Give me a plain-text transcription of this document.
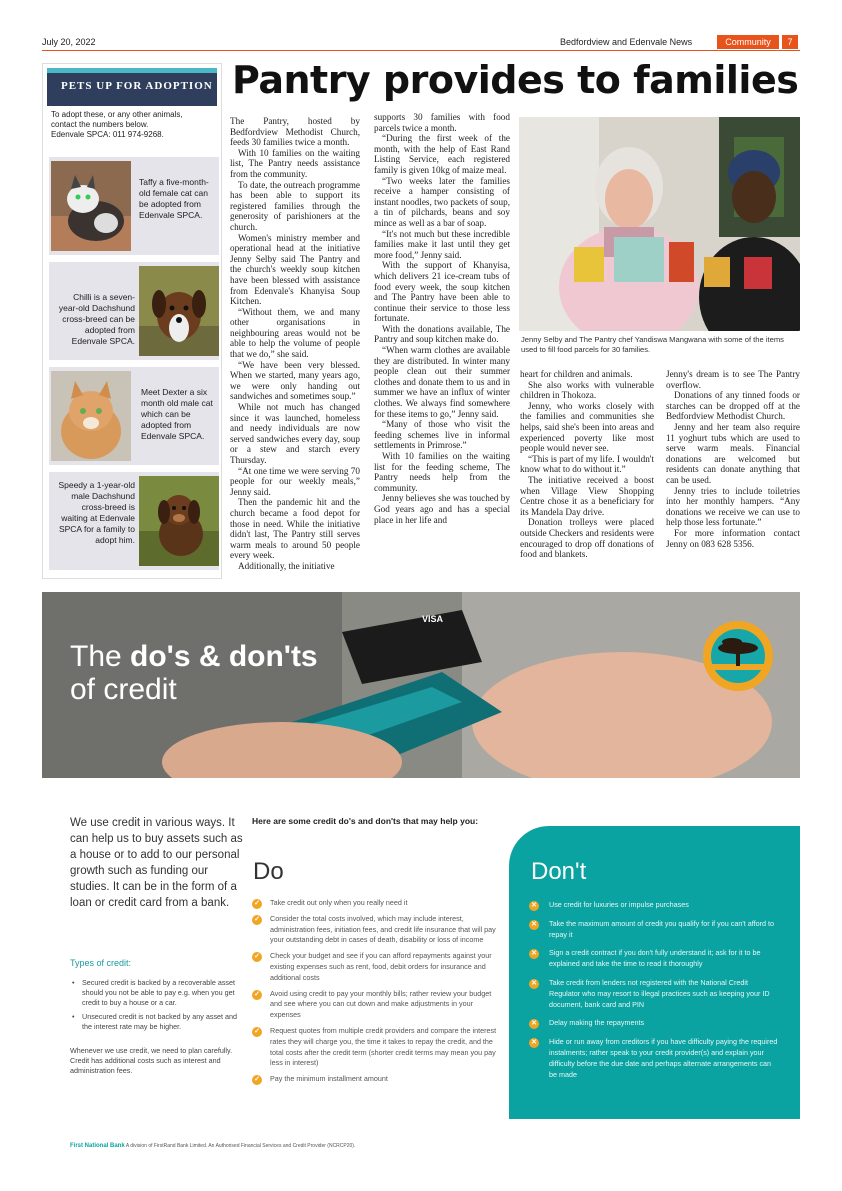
July 20, 2022	Bedfordview and Edenvale News	Community	7
PETS UP FOR ADOPTION
To adopt these, or any other animals,
contact the numbers below.
Edenvale SPCA: 011 974-9268.
Taffy a five-month-old female cat can be adopted from Edenvale SPCA.
Chilli is a seven-year-old Dachshund cross-breed can be adopted from Edenvale SPCA.
Meet Dexter a six month old male cat which can be adopted from Edenvale SPCA.
Speedy a 1-year-old male Dachshund cross-breed is waiting at Edenvale SPCA for a family to adopt him.
Pantry provides to families

The Pantry, hosted by Bedfordview Methodist Church, feeds 30 families twice a month.

With 10 families on the waiting list, The Pantry needs assistance from the community.

To date, the outreach programme has been able to support its registered families through the generosity of parishioners at the church.

Women's ministry member and operational head at the initiative Jenny Selby said The Pantry and the church's weekly soup kitchen have been blessed with assistance from Edenvale's Khanyisa Soup Kitchen.

“Without them, we and many other organisations in neighbouring areas would not be able to help the volume of people that we do,” she said.

“We have been very blessed. When we started, many years ago, we were only handing out sandwiches and sometimes soup.”

While not much has changed since it was launched, homeless and needy individuals are now served sandwiches every day, soup or a stew and starch every Thursday.

“At one time we were serving 70 people for our weekly meals,” Jenny said.

Then the pandemic hit and the church became a food depot for those in need. While the initiative didn't last, The Pantry still serves warm meals to around 50 people every week.

Additionally, the initiative

supports 30 families with food parcels twice a month.

“During the first week of the month, with the help of East Rand Listing Service, each registered family is given 10kg of maize meal.

“Two weeks later the families receive a hamper consisting of instant noodles, two packets of soup, a tin of pilchards, beans and soy mince as well as a bar of soap.

“It's not much but these incredible families make it last until they get more food,” Jenny said.

With the support of Khanyisa, which delivers 21 ice-cream tubs of food every week, the soup kitchen and The Pantry have been able to continue their service to those less fortunate.

With the donations available, The Pantry and soup kitchen make do.

“When warm clothes are available they are distributed. In winter many people clean out their summer clothes and donate them to us and in summer we have an influx of winter clothes. We always find somewhere for these items to go,” Jenny said.

“Many of those who visit the feeding schemes live in informal settlements in Primrose.”

With 10 families on the waiting list for the feeding scheme, The Pantry needs help from the community.

Jenny believes she was touched by God years ago and has a special place in her life and

heart for children and animals.

She also works with vulnerable children in Thokoza.

Jenny, who works closely with the families and communities she helps, said she's been into areas and experienced poverty like most people would never see.

“This is part of my life. I wouldn't know what to do without it.”

The initiative received a boost when Village View Shopping Centre chose it as a beneficiary for its Mandela Day drive.

Donation trolleys were placed outside Checkers and residents were encouraged to drop off donations of food and blankets.

Jenny's dream is to see The Pantry overflow.

Donations of any tinned foods or starches can be dropped off at the Bedfordview Methodist Church.

Jenny and her team also require 11 yoghurt tubs which are used to serve warm meals. Financial donations are welcomed but residents can donate anything that can be used.

Jenny tries to include toiletries into her monthly hampers. “Any donations we receive we can use to help those less fortunate.”

For more information contact Jenny on 083 628 5356.

Jenny Selby and The Pantry chef Yandiswa Mangwana with some of the items used to fill food parcels for 30 families.
VISA
The do's & don'ts
of credit
We use credit in various ways. It can help us to buy assets such as a house or to add to our personal growth such as funding our studies. It can be in the form of a loan or credit card from a bank.
Types of credit:
• Secured credit is backed by a recoverable asset should you not be able to pay e.g. when you get credit to buy a house or a car.
• Unsecured credit is not backed by any asset and the interest rate may be higher.
Whenever we use credit, we need to plan carefully. Credit has additional costs such as interest and administration fees.
Here are some credit do's and don'ts that may help you:
Do
✓ Take credit out only when you really need it
✓ Consider the total costs involved, which may include interest, administration fees, initiation fees, and credit life insurance that will pay your outstanding debt in cases of death, disability or loss of income
✓ Check your budget and see if you can afford repayments against your existing expenses such as rent, food, debit orders for insurance and additional costs
✓ Avoid using credit to pay your monthly bills; rather review your budget and see where you can cut down and make adjustments in your expenses
✓ Request quotes from multiple credit providers and compare the interest rates they will charge you, the time it takes to repay the credit, and the total costs after the credit term (shorter credit terms may mean you pay less in interest)
✓ Pay the minimum installment amount
Don't
✕ Use credit for luxuries or impulse purchases
✕ Take the maximum amount of credit you qualify for if you can't afford to repay it
✕ Sign a credit contract if you don't fully understand it; ask for it to be explained and take the time to read it thoroughly
✕ Take credit from lenders not registered with the National Credit Regulator who may resort to illegal practices such as keeping your ID document, bank card and PIN
✕ Delay making the repayments
✕ Hide or run away from creditors if you have difficulty paying the required instalments; rather speak to your credit provider(s) and explain your difficulty before the due date and perhaps alternate arrangements can be made
First National Bank A division of FirstRand Bank Limited. An Authorised Financial Services and Credit Provider (NCRCP20).
